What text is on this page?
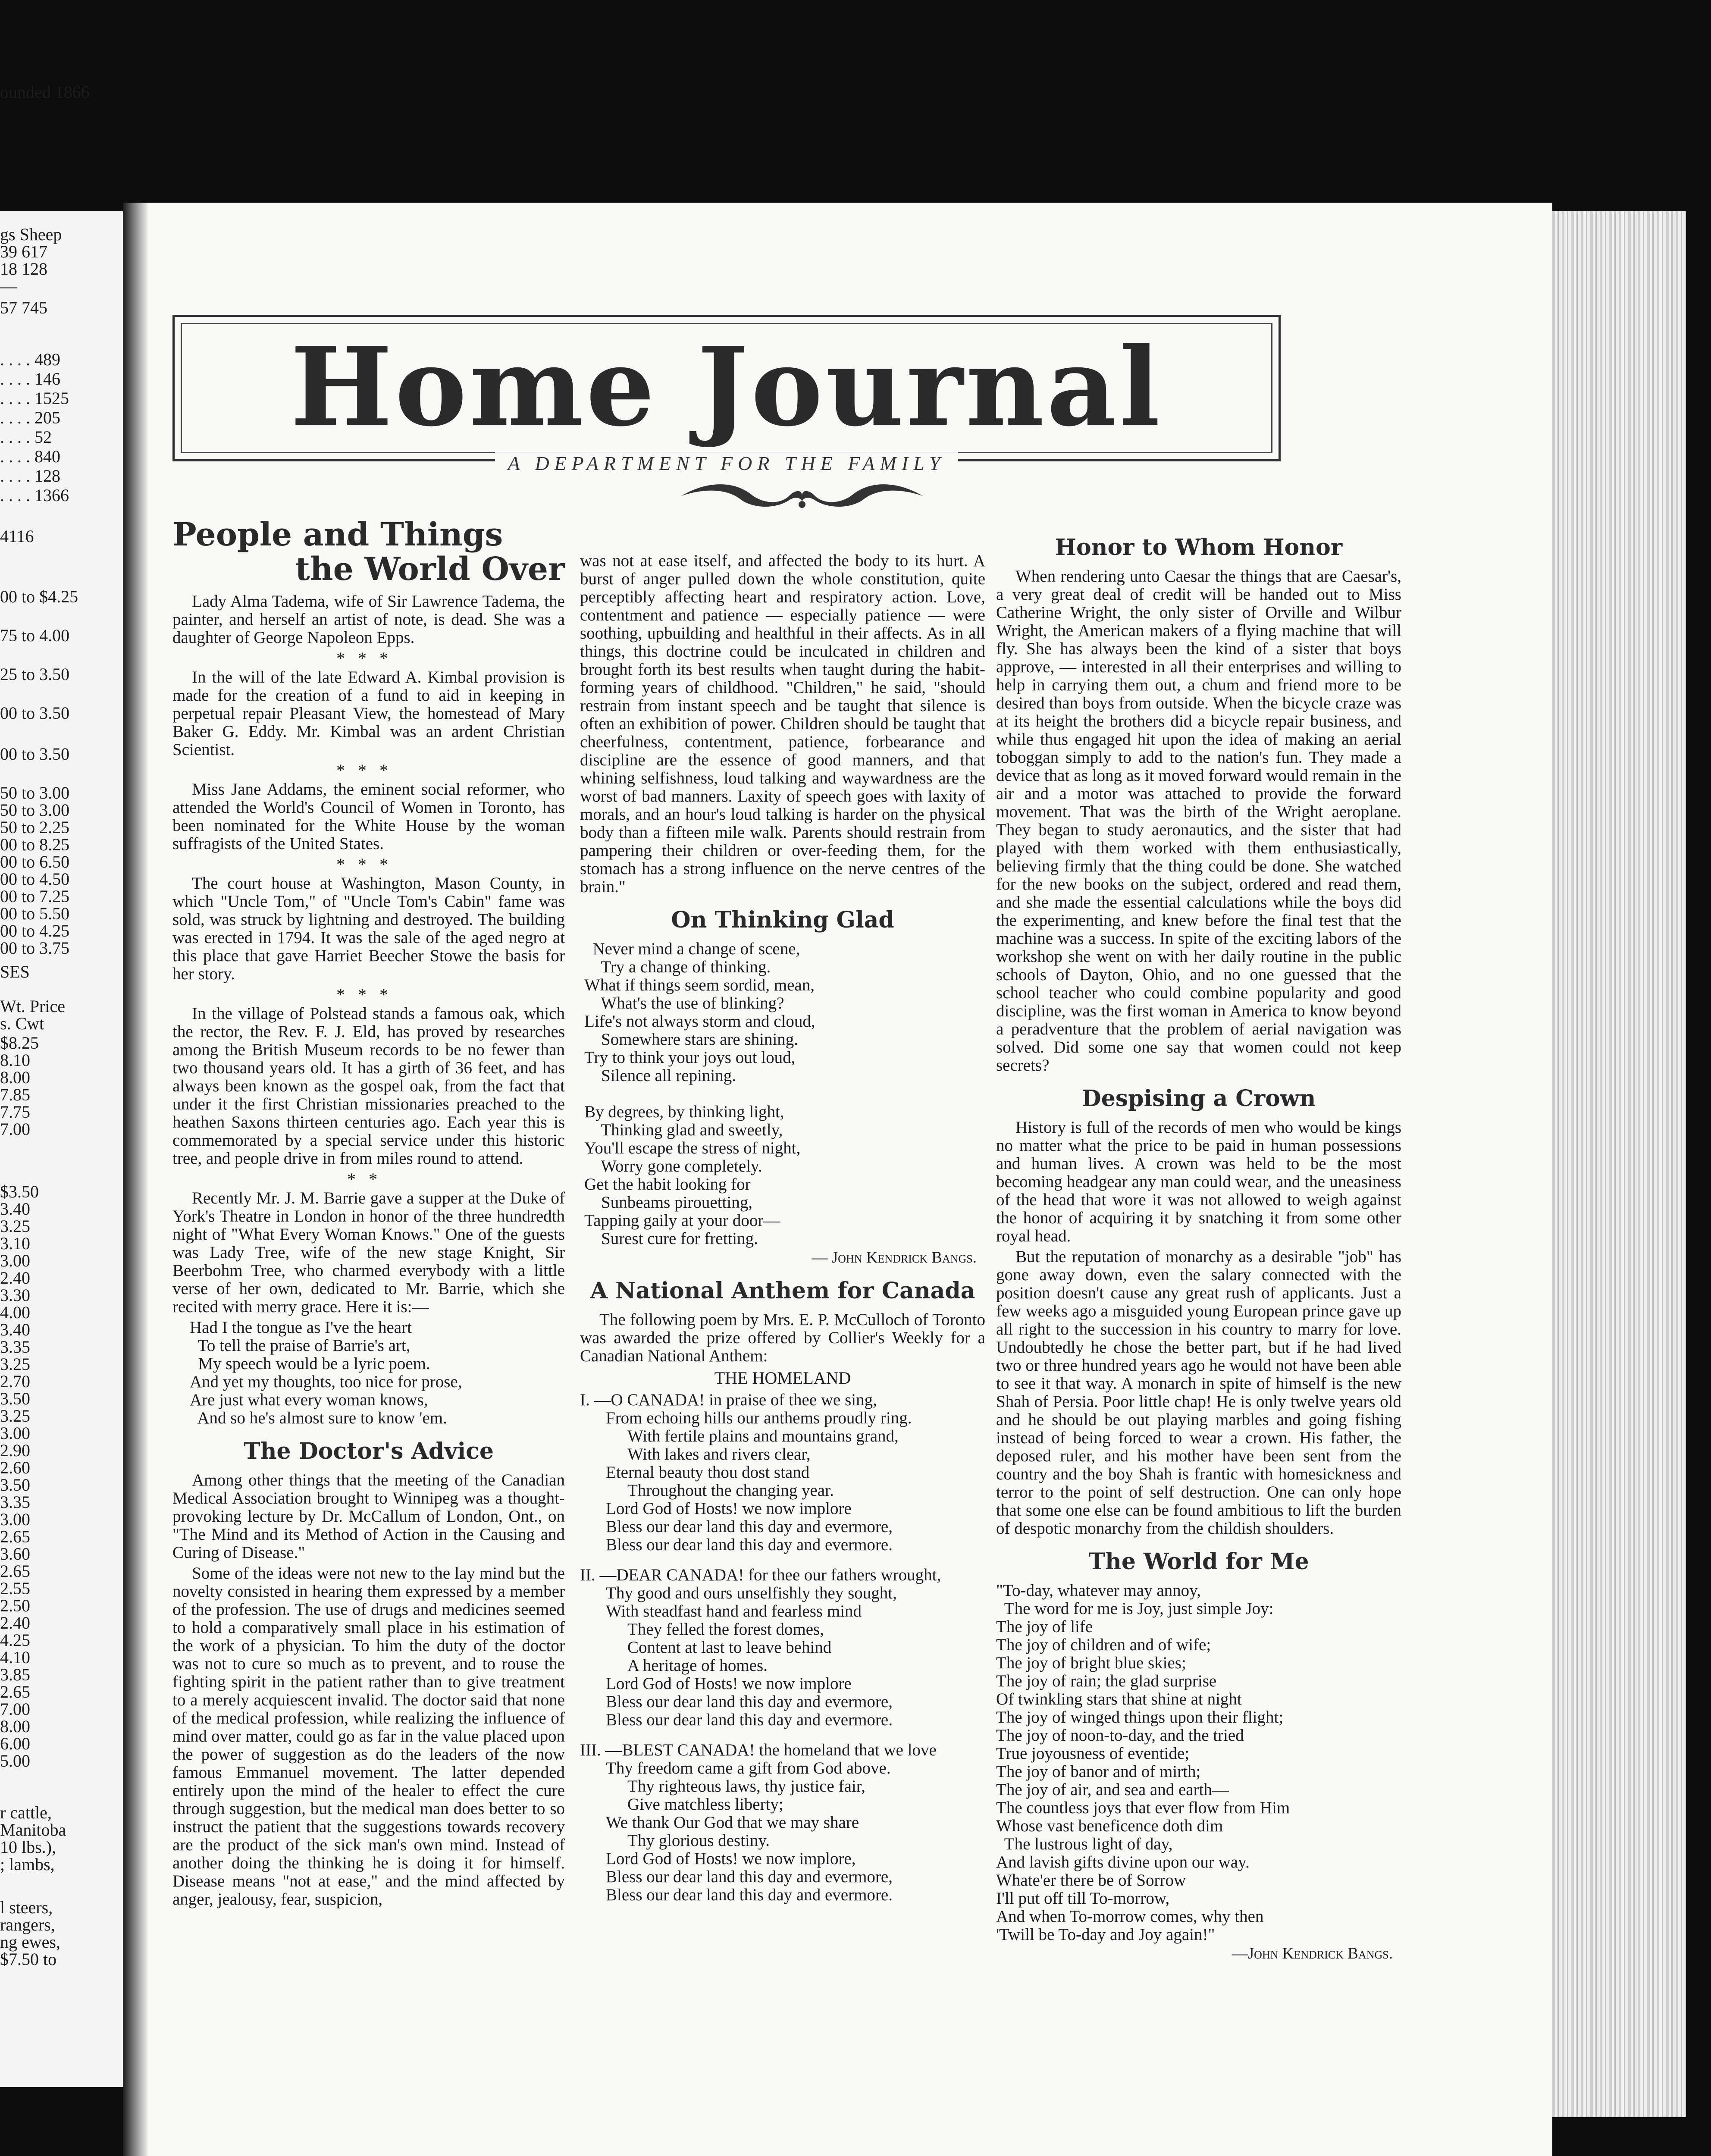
ounded 1866
gs Sheep
39 617
18 128
—
57 745
. . . . 489
. . . . 146
. . . . 1525
. . . . 205
. . . . 52
. . . . 840
. . . . 128
. . . . 1366
4116
00 to $4.25
75 to 4.00
25 to 3.50
00 to 3.50
00 to 3.50
50 to 3.00
50 to 3.00
50 to 2.25
00 to 8.25
00 to 6.50
00 to 4.50
00 to 7.25
00 to 5.50
00 to 4.25
00 to 3.75
SES
Wt. Price
s. Cwt
$8.25
8.10
8.00
7.85
7.75
7.00
$3.50
3.40
3.25
3.10
3.00
2.40
3.30
4.00
3.40
3.35
3.25
2.70
3.50
3.25
3.00
2.90
2.60
3.50
3.35
3.00
2.65
3.60
2.65
2.55
2.50
2.40
4.25
4.10
3.85
2.65
7.00
8.00
6.00
5.00
r cattle,
Manitoba
10 lbs.),
; lambs,
l steers,
rangers,
ng ewes,
$7.50 to
Home Journal
A DEPARTMENT FOR THE FAMILY
People and Things
the World Over

Lady Alma Tadema, wife of Sir Lawrence Tadema, the painter, and herself an artist of note, is dead. She was a daughter of George Napoleon Epps.

***

In the will of the late Edward A. Kimbal provision is made for the creation of a fund to aid in keeping in perpetual repair Pleasant View, the homestead of Mary Baker G. Eddy. Mr. Kimbal was an ardent Christian Scientist.

***

Miss Jane Addams, the eminent social reformer, who attended the World's Council of Women in Toronto, has been nominated for the White House by the woman suffragists of the United States.

***

The court house at Washington, Mason County, in which "Uncle Tom," of "Uncle Tom's Cabin" fame was sold, was struck by lightning and destroyed. The building was erected in 1794. It was the sale of the aged negro at this place that gave Harriet Beecher Stowe the basis for her story.

***

In the village of Polstead stands a famous oak, which the rector, the Rev. F. J. Eld, has proved by researches among the British Museum records to be no fewer than two thousand years old. It has a girth of 36 feet, and has always been known as the gospel oak, from the fact that under it the first Christian missionaries preached to the heathen Saxons thirteen centuries ago. Each year this is commemorated by a special service under this historic tree, and people drive in from miles round to attend.

**

Recently Mr. J. M. Barrie gave a supper at the Duke of York's Theatre in London in honor of the three hundredth night of "What Every Woman Knows." One of the guests was Lady Tree, wife of the new stage Knight, Sir Beerbohm Tree, who charmed everybody with a little verse of her own, dedicated to Mr. Barrie, which she recited with merry grace. Here it is:—

Had I the tongue as I've the heart
To tell the praise of Barrie's art,
My speech would be a lyric poem.
And yet my thoughts, too nice for prose,
Are just what every woman knows,
And so he's almost sure to know 'em.
The Doctor's Advice

Among other things that the meeting of the Canadian Medical Association brought to Winnipeg was a thought-provoking lecture by Dr. McCallum of London, Ont., on "The Mind and its Method of Action in the Causing and Curing of Disease."

Some of the ideas were not new to the lay mind but the novelty consisted in hearing them expressed by a member of the profession. The use of drugs and medicines seemed to hold a comparatively small place in his estimation of the work of a physician. To him the duty of the doctor was not to cure so much as to prevent, and to rouse the fighting spirit in the patient rather than to give treatment to a merely acquiescent invalid. The doctor said that none of the medical profession, while realizing the influence of mind over matter, could go as far in the value placed upon the power of suggestion as do the leaders of the now famous Emmanuel movement. The latter depended entirely upon the mind of the healer to effect the cure through suggestion, but the medical man does better to so instruct the patient that the suggestions towards recovery are the product of the sick man's own mind. Instead of another doing the thinking he is doing it for himself. Disease means "not at ease," and the mind affected by anger, jealousy, fear, suspicion,

was not at ease itself, and affected the body to its hurt. A burst of anger pulled down the whole constitution, quite perceptibly affecting heart and respiratory action. Love, contentment and patience — especially patience — were soothing, upbuilding and healthful in their affects. As in all things, this doctrine could be inculcated in children and brought forth its best results when taught during the habit-forming years of childhood. "Children," he said, "should restrain from instant speech and be taught that silence is often an exhibition of power. Children should be taught that cheerfulness, contentment, patience, forbearance and discipline are the essence of good manners, and that whining selfishness, loud talking and waywardness are the worst of bad manners. Laxity of speech goes with laxity of morals, and an hour's loud talking is harder on the physical body than a fifteen mile walk. Parents should restrain from pampering their children or over-feeding them, for the stomach has a strong influence on the nerve centres of the brain."

On Thinking Glad
Never mind a change of scene,
Try a change of thinking.
What if things seem sordid, mean,
What's the use of blinking?
Life's not always storm and cloud,
Somewhere stars are shining.
Try to think your joys out loud,
Silence all repining.

By degrees, by thinking light,
Thinking glad and sweetly,
You'll escape the stress of night,
Worry gone completely.
Get the habit looking for
Sunbeams pirouetting,
Tapping gaily at your door—
Surest cure for fretting.
— John Kendrick Bangs.
A National Anthem for Canada

The following poem by Mrs. E. P. McCulloch of Toronto was awarded the prize offered by Collier's Weekly for a Canadian National Anthem:

THE HOMELAND
I. —O CANADA! in praise of thee we sing,
From echoing hills our anthems proudly ring.
With fertile plains and mountains grand,
With lakes and rivers clear,
Eternal beauty thou dost stand
Throughout the changing year.
Lord God of Hosts! we now implore
Bless our dear land this day and evermore,
Bless our dear land this day and evermore.
II. —DEAR CANADA! for thee our fathers wrought,
Thy good and ours unselfishly they sought,
With steadfast hand and fearless mind
They felled the forest domes,
Content at last to leave behind
A heritage of homes.
Lord God of Hosts! we now implore
Bless our dear land this day and evermore,
Bless our dear land this day and evermore.
III. —BLEST CANADA! the homeland that we love
Thy freedom came a gift from God above.
Thy righteous laws, thy justice fair,
Give matchless liberty;
We thank Our God that we may share
Thy glorious destiny.
Lord God of Hosts! we now implore,
Bless our dear land this day and evermore,
Bless our dear land this day and evermore.
Honor to Whom Honor

When rendering unto Caesar the things that are Caesar's, a very great deal of credit will be handed out to Miss Catherine Wright, the only sister of Orville and Wilbur Wright, the American makers of a flying machine that will fly. She has always been the kind of a sister that boys approve, — interested in all their enterprises and willing to help in carrying them out, a chum and friend more to be desired than boys from outside. When the bicycle craze was at its height the brothers did a bicycle repair business, and while thus engaged hit upon the idea of making an aerial toboggan simply to add to the nation's fun. They made a device that as long as it moved forward would remain in the air and a motor was attached to provide the forward movement. That was the birth of the Wright aeroplane. They began to study aeronautics, and the sister that had played with them worked with them enthusiastically, believing firmly that the thing could be done. She watched for the new books on the subject, ordered and read them, and she made the essential calculations while the boys did the experimenting, and knew before the final test that the machine was a success. In spite of the exciting labors of the workshop she went on with her daily routine in the public schools of Dayton, Ohio, and no one guessed that the school teacher who could combine popularity and good discipline, was the first woman in America to know beyond a peradventure that the problem of aerial navigation was solved. Did some one say that women could not keep secrets?

Despising a Crown

History is full of the records of men who would be kings no matter what the price to be paid in human possessions and human lives. A crown was held to be the most becoming headgear any man could wear, and the uneasiness of the head that wore it was not allowed to weigh against the honor of acquiring it by snatching it from some other royal head.

But the reputation of monarchy as a desirable "job" has gone away down, even the salary connected with the position doesn't cause any great rush of applicants. Just a few weeks ago a misguided young European prince gave up all right to the succession in his country to marry for love. Undoubtedly he chose the better part, but if he had lived two or three hundred years ago he would not have been able to see it that way. A monarch in spite of himself is the new Shah of Persia. Poor little chap! He is only twelve years old and he should be out playing marbles and going fishing instead of being forced to wear a crown. His father, the deposed ruler, and his mother have been sent from the country and the boy Shah is frantic with homesickness and terror to the point of self destruction. One can only hope that some one else can be found ambitious to lift the burden of despotic monarchy from the childish shoulders.

The World for Me
"To-day, whatever may annoy,
The word for me is Joy, just simple Joy:
The joy of life
The joy of children and of wife;
The joy of bright blue skies;
The joy of rain; the glad surprise
Of twinkling stars that shine at night
The joy of winged things upon their flight;
The joy of noon-to-day, and the tried
True joyousness of eventide;
The joy of banor and of mirth;
The joy of air, and sea and earth—
The countless joys that ever flow from Him
Whose vast beneficence doth dim
The lustrous light of day,
And lavish gifts divine upon our way.
Whate'er there be of Sorrow
I'll put off till To-morrow,
And when To-morrow comes, why then
'Twill be To-day and Joy again!"
—John Kendrick Bangs.
